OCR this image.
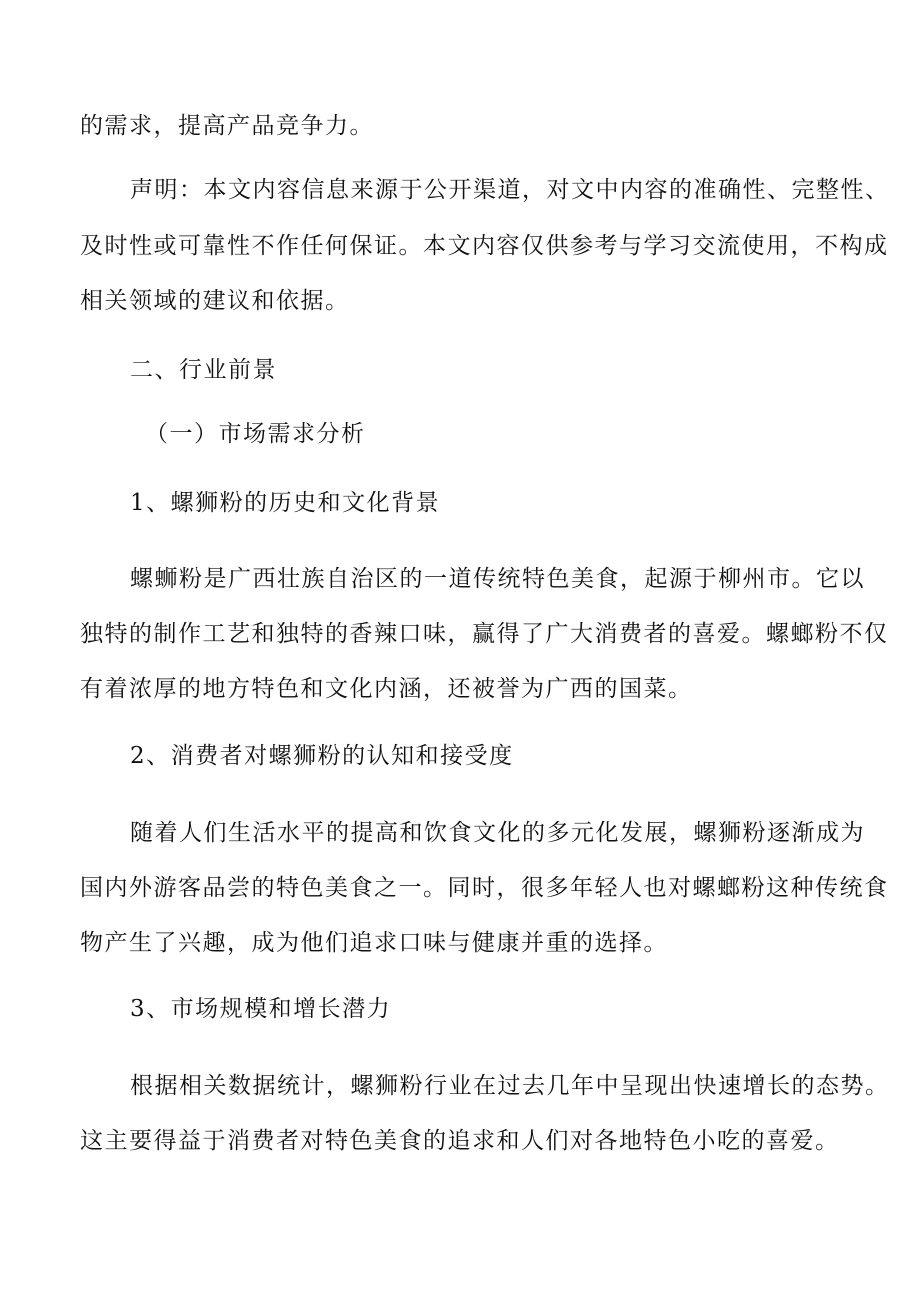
的需求，提高产品竞争力。
声明：本文内容信息来源于公开渠道，对文中内容的准确性、完整性、
及时性或可靠性不作任何保证。本文内容仅供参考与学习交流使用，不构成
相关领域的建议和依据。
二、行业前景
（一）市场需求分析
1、螺狮粉的历史和文化背景
螺蛳粉是广西壮族自治区的一道传统特色美食，起源于柳州市。它以
独特的制作工艺和独特的香辣口味，赢得了广大消费者的喜爱。螺螂粉不仅
有着浓厚的地方特色和文化内涵，还被誉为广西的国菜。
2、消费者对螺狮粉的认知和接受度
随着人们生活水平的提高和饮食文化的多元化发展，螺狮粉逐渐成为
国内外游客品尝的特色美食之一。同时，很多年轻人也对螺螂粉这种传统食
物产生了兴趣，成为他们追求口味与健康并重的选择。
3、市场规模和增长潜力
根据相关数据统计，螺狮粉行业在过去几年中呈现出快速增长的态势。
这主要得益于消费者对特色美食的追求和人们对各地特色小吃的喜爱。
